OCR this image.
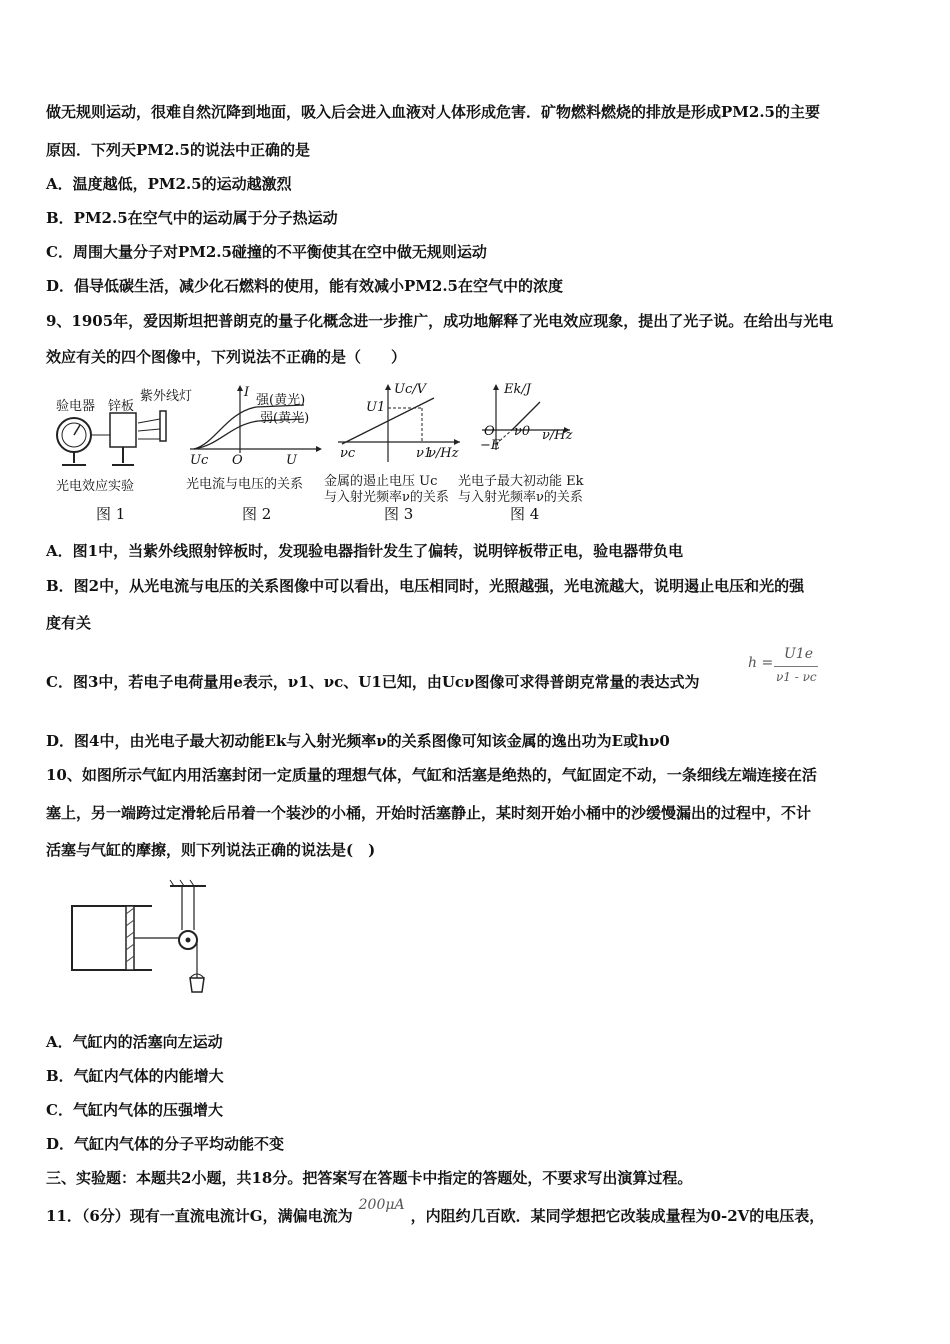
做无规则运动，很难自然沉降到地面，吸入后会进入血液对人体形成危害．矿物燃料燃烧的排放是形成PM2.5的主要
原因．下列天PM2.5的说法中正确的是
A．温度越低，PM2.5的运动越激烈
B．PM2.5在空气中的运动属于分子热运动
C．周围大量分子对PM2.5碰撞的不平衡使其在空中做无规则运动
D．倡导低碳生活，减少化石燃料的使用，能有效减小PM2.5在空气中的浓度
9、1905年，爱因斯坦把普朗克的量子化概念进一步推广，成功地解释了光电效应现象，提出了光子说。在给出与光电
效应有关的四个图像中，下列说法不正确的是（　　）
验电器 锌板
紫外线灯
光电效应实验
图 1
I
强(黄光)
弱(黄光)
Uc O	U
光电流与电压的关系
图 2
Uc/V
U1
νc	ν1
ν/Hz
金属的遏止电压 Uc
与入射光频率ν的关系
图 3
Ek/J
O ν0 ν/Hz
−E
光电子最大初动能 Ek
与入射光频率ν的关系
图 4
A．图1中，当紫外线照射锌板时，发现验电器指针发生了偏转，说明锌板带正电，验电器带负电
B．图2中，从光电流与电压的关系图像中可以看出，电压相同时，光照越强，光电流越大，说明遏止电压和光的强
度有关
C．图3中，若电子电荷量用e表示，ν1、νc、U1已知，由Ucν图像可求得普朗克常量的表达式为
h =
U1e
ν1 - νc
D．图4中，由光电子最大初动能Ek与入射光频率ν的关系图像可知该金属的逸出功为E或hν0
10、如图所示气缸内用活塞封闭一定质量的理想气体，气缸和活塞是绝热的，气缸固定不动，一条细线左端连接在活
塞上，另一端跨过定滑轮后吊着一个装沙的小桶，开始时活塞静止，某时刻开始小桶中的沙缓慢漏出的过程中，不计
活塞与气缸的摩擦，则下列说法正确的说法是(　)
A．气缸内的活塞向左运动
B．气缸内气体的内能增大
C．气缸内气体的压强增大
D．气缸内气体的分子平均动能不变
三、实验题：本题共2小题，共18分。把答案写在答题卡中指定的答题处，不要求写出演算过程。
11．（6分）现有一直流电流计G，满偏电流为200μA，内阻约几百欧．某同学想把它改装成量程为0-2V的电压表，
